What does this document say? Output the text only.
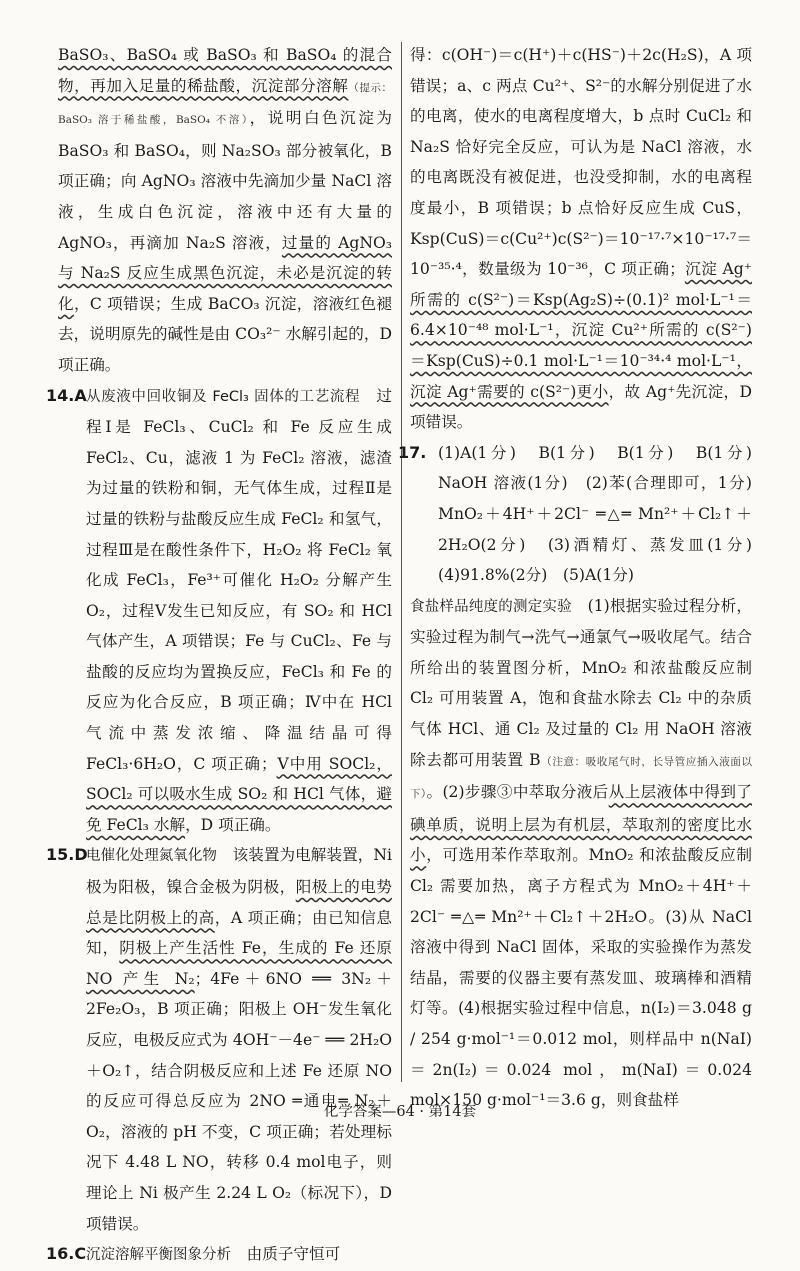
BaSO₃、BaSO₄ 或 BaSO₃ 和 BaSO₄ 的混合物，再加入足量的稀盐酸，沉淀部分溶解（提示：BaSO₃ 溶于稀盐酸，BaSO₄ 不溶），说明白色沉淀为 BaSO₃ 和 BaSO₄，则 Na₂SO₃ 部分被氧化，B 项正确；向 AgNO₃ 溶液中先滴加少量 NaCl 溶液，生成白色沉淀，溶液中还有大量的 AgNO₃，再滴加 Na₂S 溶液，过量的 AgNO₃ 与 Na₂S 反应生成黑色沉淀，未必是沉淀的转化，C 项错误；生成 BaCO₃ 沉淀，溶液红色褪去，说明原先的碱性是由 CO₃²⁻ 水解引起的，D 项正确。

14.A 从废液中回收铜及 FeCl₃ 固体的工艺流程　 过程Ⅰ是 FeCl₃、CuCl₂ 和 Fe 反应生成 FeCl₂、Cu，滤液 1 为 FeCl₂ 溶液，滤渣为过量的铁粉和铜，无气体生成，过程Ⅱ是过量的铁粉与盐酸反应生成 FeCl₂ 和氢气，过程Ⅲ是在酸性条件下，H₂O₂ 将 FeCl₂ 氧化成 FeCl₃，Fe³⁺可催化 H₂O₂ 分解产生 O₂，过程Ⅴ发生已知反应，有 SO₂ 和 HCl 气体产生，A 项错误；Fe 与 CuCl₂、Fe 与盐酸的反应均为置换反应，FeCl₃ 和 Fe 的反应为化合反应，B 项正确；Ⅳ中在 HCl 气流中蒸发浓缩、降温结晶可得 FeCl₃·6H₂O，C 项正确；Ⅴ中用 SOCl₂，SOCl₂ 可以吸水生成 SO₂ 和 HCl 气体，避免 FeCl₃ 水解，D 项正确。

15.D
电催化处理氮氧化物　 该装置为电解装置，Ni 极为阳极，镍合金极为阴极，阳极上的电势总是比阴极上的高，A 项正确；由已知信息知，阴极上产生活性 Fe，生成的 Fe 还原 NO 产生 N₂；4Fe＋6NO ══ 3N₂＋2Fe₂O₃，B 项正确；阳极上 OH⁻发生氧化反应，电极反应式为 4OH⁻－4e⁻ ══ 2H₂O＋O₂↑，结合阴极反应和上述 Fe 还原 NO 的反应可得总反应为 2NO ═通电═ N₂＋O₂，溶液的 pH 不变，C 项正确；若处理标况下 4.48 L NO，转移 0.4 mol电子，则理论上 Ni 极产生 2.24 L O₂（标况下），D 项错误。

16.C 沉淀溶解平衡图象分析　 由质子守恒可

得：c(OH⁻)＝c(H⁺)＋c(HS⁻)＋2c(H₂S)，A 项错误；a、c 两点 Cu²⁺、S²⁻的水解分别促进了水的电离，使水的电离程度增大，b 点时 CuCl₂ 和 Na₂S 恰好完全反应，可认为是 NaCl 溶液，水的电离既没有被促进，也没受抑制，水的电离程度最小，B 项错误；b 点恰好反应生成 CuS，Ksp(CuS)＝c(Cu²⁺)c(S²⁻)＝10⁻¹⁷·⁷×10⁻¹⁷·⁷＝10⁻³⁵·⁴，数量级为 10⁻³⁶，C 项正确；沉淀 Ag⁺所需的 c(S²⁻)＝Ksp(Ag₂S)÷(0.1)² mol·L⁻¹＝6.4×10⁻⁴⁸ mol·L⁻¹，沉淀 Cu²⁺所需的 c(S²⁻)＝Ksp(CuS)÷0.1 mol·L⁻¹＝10⁻³⁴·⁴ mol·L⁻¹，沉淀 Ag⁺需要的 c(S²⁻)更小，故 Ag⁺先沉淀，D 项错误。

17. (1)A(1分)　B(1分)　B(1分)　B(1分)　NaOH 溶液(1分)　(2)苯(合理即可，1分)　MnO₂＋4H⁺＋2Cl⁻ ═△═ Mn²⁺＋Cl₂↑＋2H₂O(2分)　(3)酒精灯、蒸发皿(1分)　(4)91.8%(2分)　(5)A(1分)

食盐样品纯度的测定实验　 (1)根据实验过程分析，实验过程为制气→洗气→通氯气→吸收尾气。结合所给出的装置图分析，MnO₂ 和浓盐酸反应制 Cl₂ 可用装置 A，饱和食盐水除去 Cl₂ 中的杂质气体 HCl、通 Cl₂ 及过量的 Cl₂ 用 NaOH 溶液除去都可用装置 B（注意：吸收尾气时，长导管应插入液面以下）。(2)步骤③中萃取分液后从上层液体中得到了碘单质，说明上层为有机层，萃取剂的密度比水小，可选用苯作萃取剂。MnO₂ 和浓盐酸反应制 Cl₂ 需要加热，离子方程式为 MnO₂＋4H⁺＋2Cl⁻ ═△═ Mn²⁺＋Cl₂↑＋2H₂O。(3)从 NaCl 溶液中得到 NaCl 固体，采取的实验操作为蒸发结晶，需要的仪器主要有蒸发皿、玻璃棒和酒精灯等。(4)根据实验过程中信息，n(I₂)＝3.048 g / 254 g·mol⁻¹＝0.012 mol，则样品中 n(NaI)＝2n(I₂)＝0.024 mol，m(NaI)＝0.024 mol×150 g·mol⁻¹＝3.6 g，则食盐样

化学答案—64 · 第14套
